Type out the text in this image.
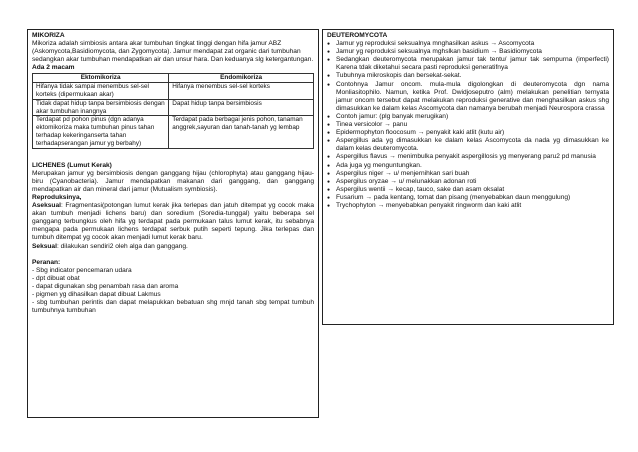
MIKORIZA

Mikoriza adalah simbiosis antara akar tumbuhan tingkat tinggi dengan hifa jamur ABZ (Askomycota,Basidiomycota, dan Zygomycota). Jamur mendapat zat organic dari tumbuhan sedangkan akar tumbuhan mendapatkan air dan unsur hara. Dan keduanya slg ketergantungan.

Ada 2 macam

Ektomikoriza	Endomikoriza
Hifanya tidak sampai menembus sel-sel korteks (dipermukaan akar)	Hifanya menembus sel-sel korteks
Tidak dapat hidup tanpa bersimbiosis dengan akar tumbuhan inangnya	Dapat hidup tanpa bersimbiosis
Terdapat pd pohon pinus (dgn adanya ektomikoriza maka tumbuhan pinus tahan terhadap kekeringanserta tahan terhadapserangan jamur yg berbahy)	Terdapat pada berbagai jenis pohon, tanaman anggrek,sayuran dan tanah-tanah yg lembap

LICHENES (Lumut Kerak)

Merupakan jamur yg bersimbiosis dengan ganggang hijau (chlorophyta) atau ganggang hijau-biru (Cyanobacteria). Jamur mendapatkan makanan dari ganggang, dan ganggang mendapatkan air dan mineral dari jamur (Mutualism symbiosis).

Reproduksinya,

Aseksual: Fragmentasi(potongan lumut kerak jika terlepas dan jatuh ditempat yg cocok maka akan tumbuh menjadi lichens baru) dan soredium (Soredia-tunggal) yaitu beberapa sel ganggang terbungkus oleh hifa yg terdapat pada permukaan talus lumut kerak, itu sebabnya mengapa pada permukaan lichens terdapat serbuk putih seperti tepung. Jika terlepas dan tumbuh ditempat yg cocok akan menjadi lumut kerak baru.

Seksual: dilakukan sendiri2 oleh alga dan ganggang.

Peranan:

- Sbg indicator pencemaran udara

- dpt dibuat obat

- dapat digunakan sbg penambah rasa dan aroma

- pigmen yg dihasilkan dapat dibuat Lakmus

- sbg tumbuhan perintis dan dapat melapukkan bebatuan shg mnjd tanah sbg tempat tumbuh tumbuhnya tumbuhan

DEUTEROMYCOTA

● Jamur yg reproduksi seksualnya mnghasilkan askus → Ascomycota
● Jamur yg reproduksi seksualnya mghslkan basidium → Basidiomycota
● Sedangkan deuteromycota merupakan jamur tak tentu/ jamur tak sempurna (imperfecti) Karena tdak diketahui secara pasti reproduksi generatifnya
● Tubuhnya mikroskopis dan bersekat-sekat.
● Contohnya Jamur oncom. mula-mula digolongkan di deuteromycota dgn nama Monliasitophilo. Namun, ketika Prof. Dwidjoseputro (alm) melakukan penelitian ternyata jamur oncom tersebut dapat melakukan reproduksi generative dan menghasilkan askus shg dimasukkan ke dalam kelas Ascomycota dan namanya berubah menjadi Neurospora crassa
● Contoh jamur: (plg banyak merugikan)
● Tinea versicolor → panu
● Epidermophyton floocosum → penyakit kaki atlit (kutu air)
● Aspergillus ada yg dimasukkan ke dalam kelas Ascomycota da nada yg dimasukkan ke dalam kelas deuteromycota.
● Aspergillus flavus → menimbulka penyakit aspergillosis yg menyerang paru2 pd manusia
● Ada juga yg menguntungkan.
● Aspergilus niger → u/ menjernihkan sari buah
● Aspergilus oryzae → u/ melunakkan adonan roti
● Aspergilus wentii → kecap, tauco, sake dan asam oksalat
● Fusarium → pada kentang, tomat dan pisang (menyebabkan daun menggulung)
● Trychophyton → menyebabkan penyakit ringworm dan kaki atlit
